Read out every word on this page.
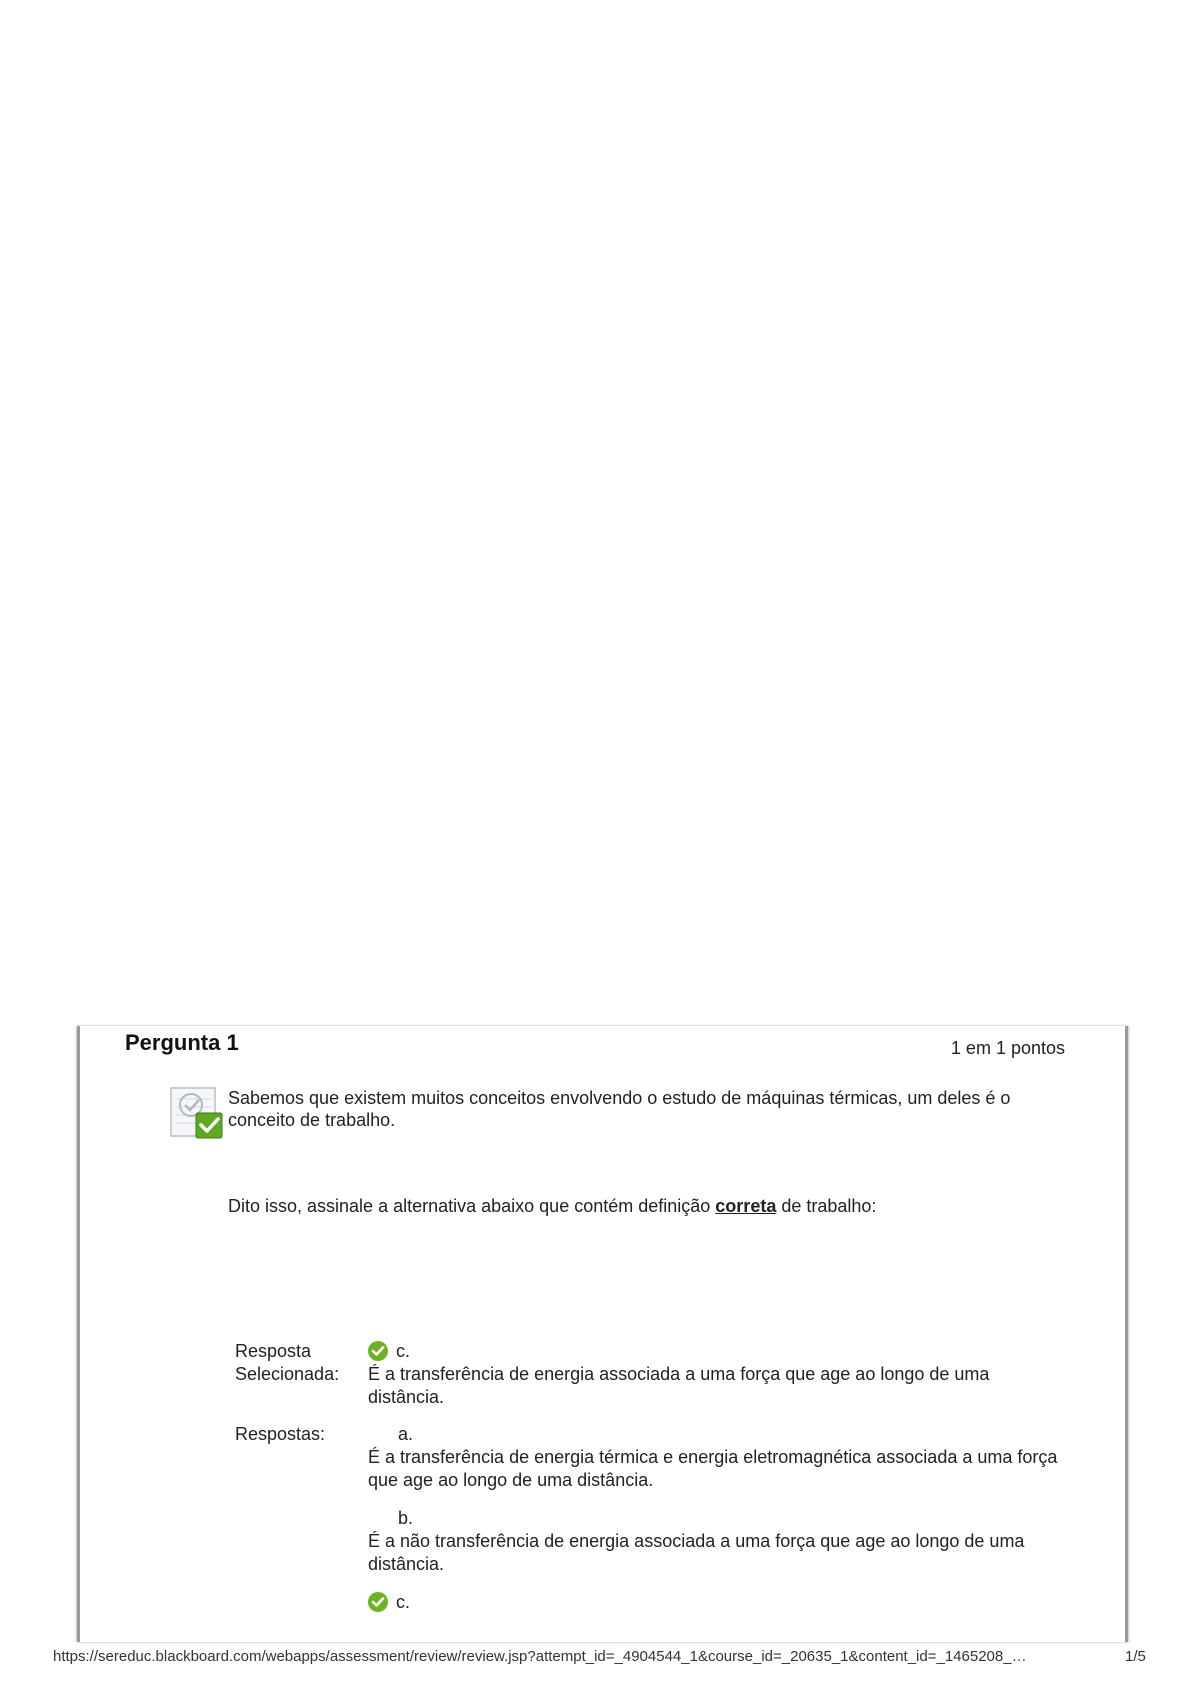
Pergunta 1	1 em 1 pontos
Sabemos que existem muitos conceitos envolvendo o estudo de máquinas térmicas, um deles é o conceito de trabalho.
Dito isso, assinale a alternativa abaixo que contém definição correta de trabalho:
Resposta
Selecionada:
c.
É a transferência de energia associada a uma força que age ao longo de uma distância.
Respostas:	a.
É a transferência de energia térmica e energia eletromagnética associada a uma força que age ao longo de uma distância.
b.
É a não transferência de energia associada a uma força que age ao longo de uma distância.
c.
https://sereduc.blackboard.com/webapps/assessment/review/review.jsp?attempt_id=_4904544_1&course_id=_20635_1&content_id=_1465208_…	1/5
